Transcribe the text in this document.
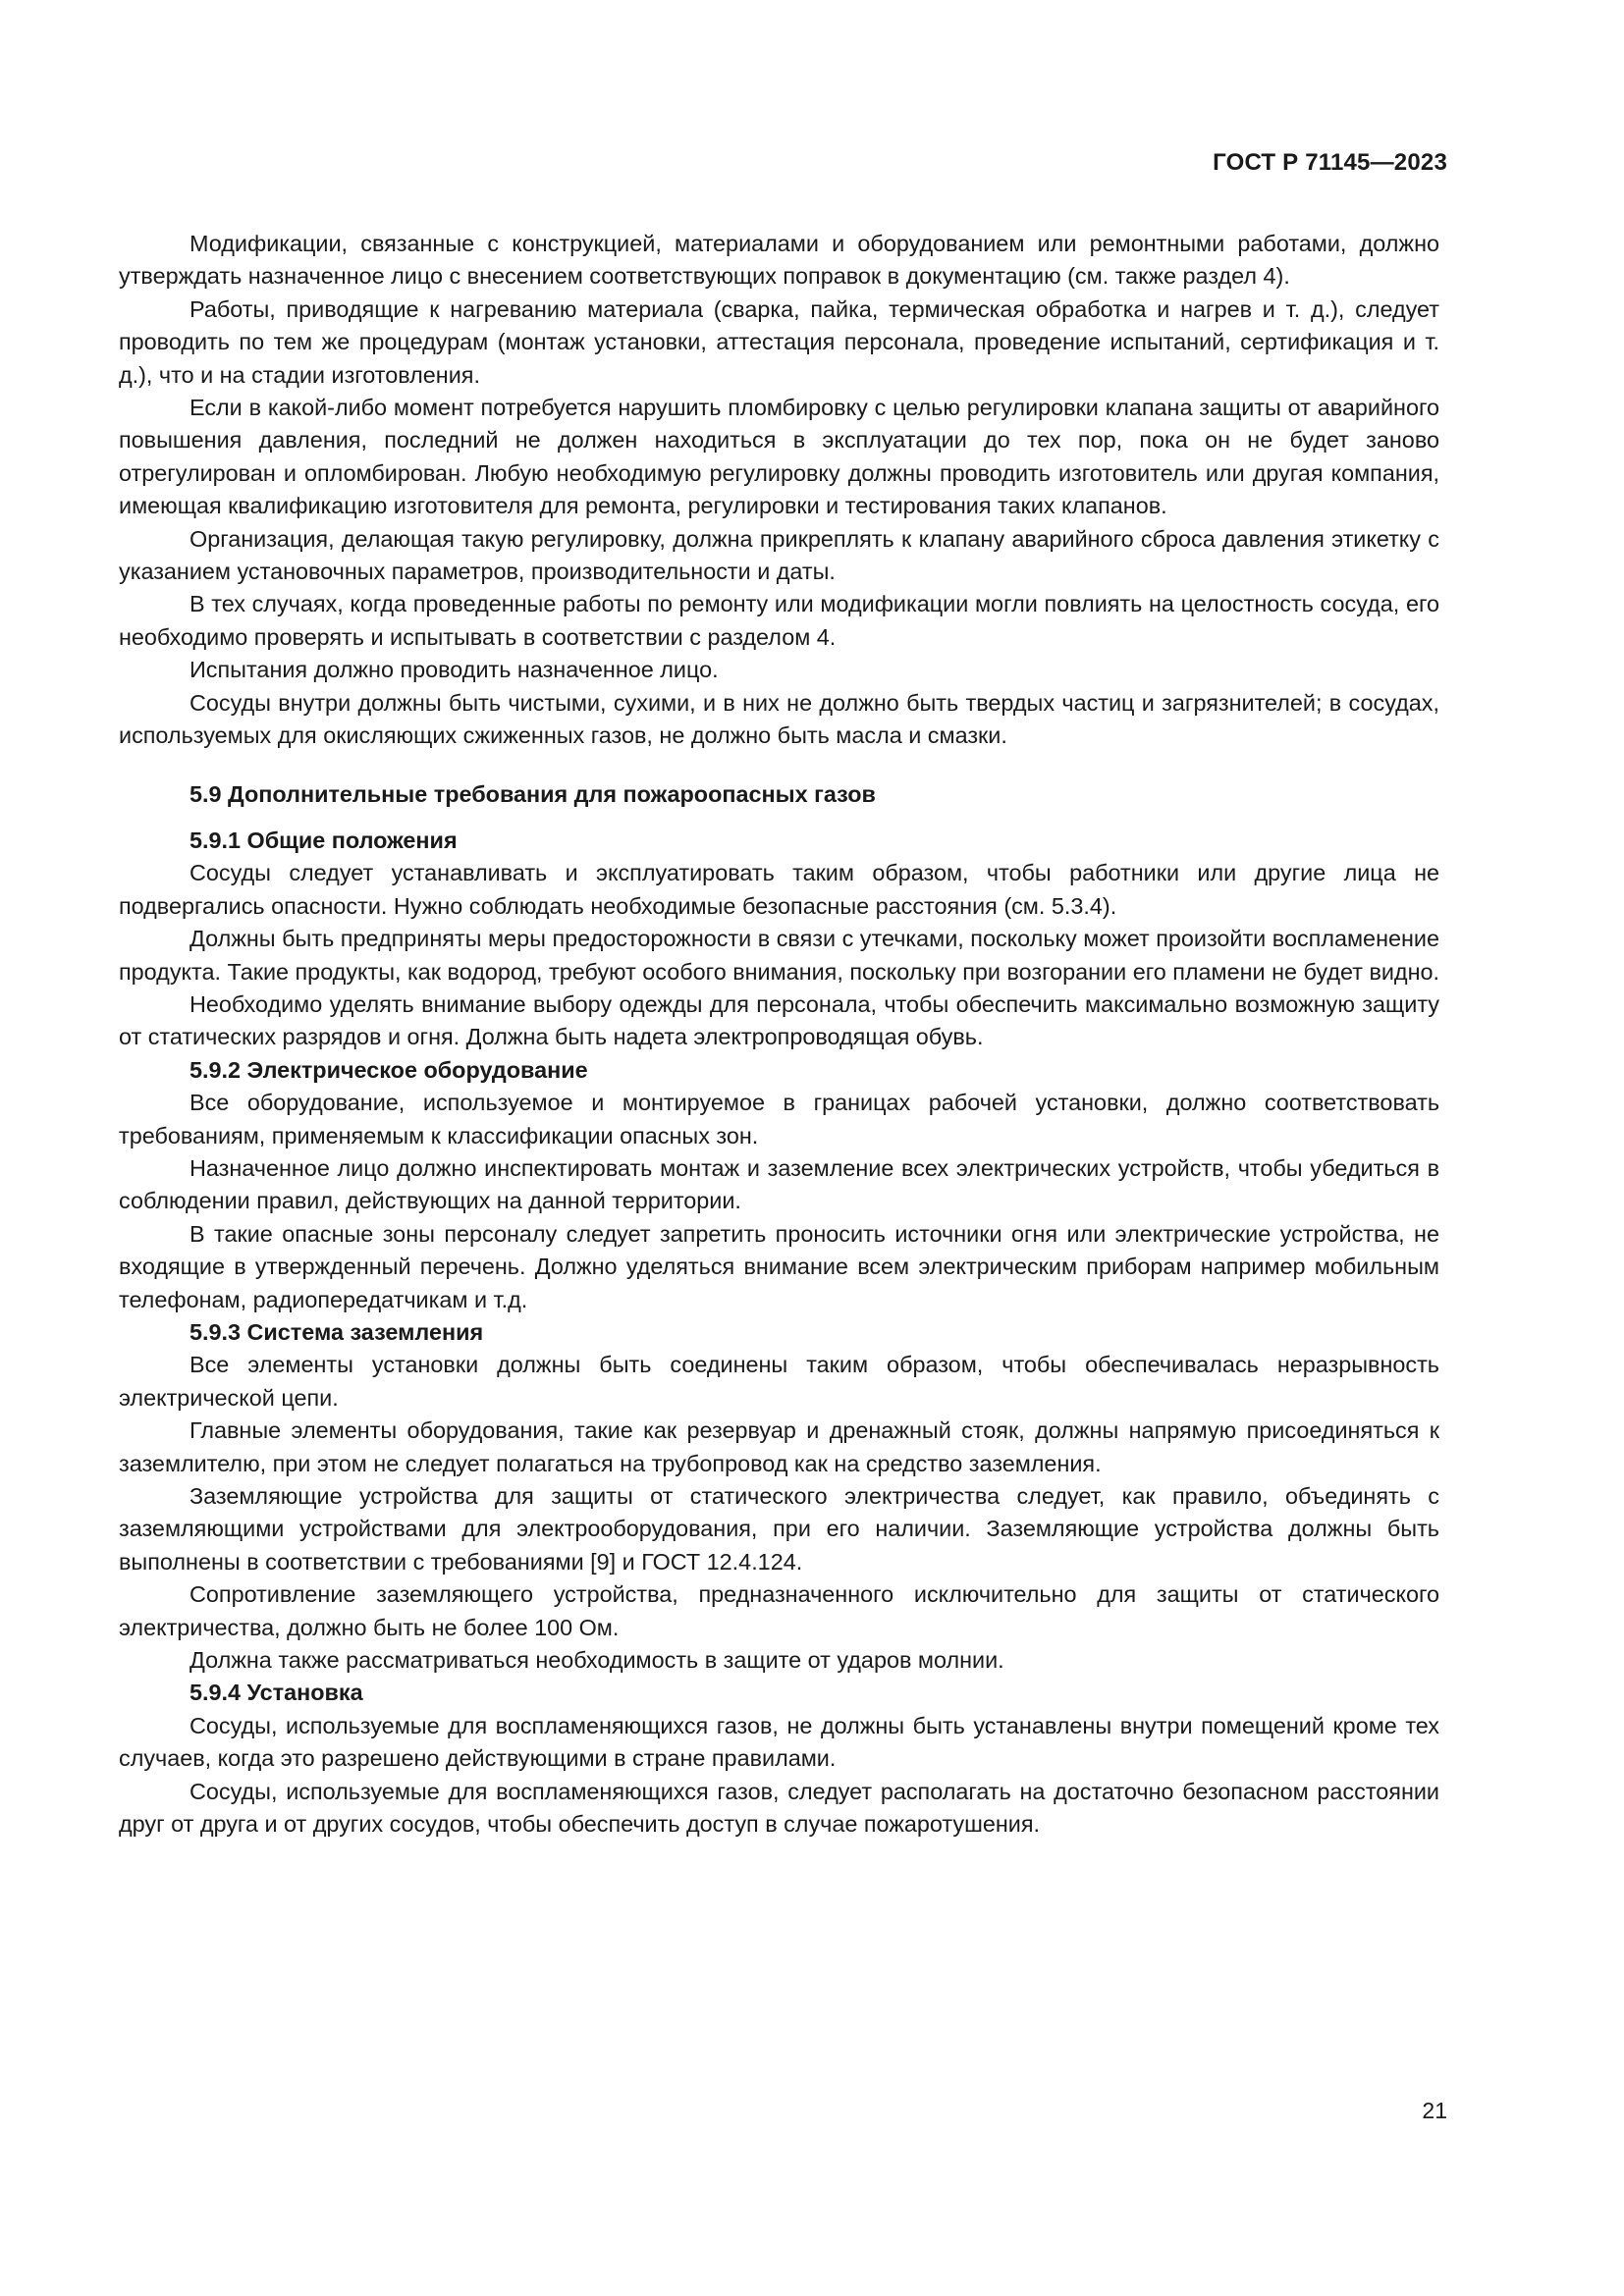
ГОСТ Р 71145—2023

Модификации, связанные с конструкцией, материалами и оборудованием или ремонтными работами, должно утверждать назначенное лицо с внесением соответствующих поправок в документацию (см. также раздел 4).

Работы, приводящие к нагреванию материала (сварка, пайка, термическая обработка и нагрев и т. д.), следует проводить по тем же процедурам (монтаж установки, аттестация персонала, проведение испытаний, сертификация и т. д.), что и на стадии изготовления.

Если в какой-либо момент потребуется нарушить пломбировку с целью регулировки клапана защиты от аварийного повышения давления, последний не должен находиться в эксплуатации до тех пор, пока он не будет заново отрегулирован и опломбирован. Любую необходимую регулировку должны проводить изготовитель или другая компания, имеющая квалификацию изготовителя для ремонта, регулировки и тестирования таких клапанов.

Организация, делающая такую регулировку, должна прикреплять к клапану аварийного сброса давления этикетку с указанием установочных параметров, производительности и даты.

В тех случаях, когда проведенные работы по ремонту или модификации могли повлиять на целостность сосуда, его необходимо проверять и испытывать в соответствии с разделом 4.

Испытания должно проводить назначенное лицо.

Сосуды внутри должны быть чистыми, сухими, и в них не должно быть твердых частиц и загрязнителей; в сосудах, используемых для окисляющих сжиженных газов, не должно быть масла и смазки.

5.9 Дополнительные требования для пожароопасных газов
5.9.1 Общие положения

Сосуды следует устанавливать и эксплуатировать таким образом, чтобы работники или другие лица не подвергались опасности. Нужно соблюдать необходимые безопасные расстояния (см. 5.3.4).

Должны быть предприняты меры предосторожности в связи с утечками, поскольку может произойти воспламенение продукта. Такие продукты, как водород, требуют особого внимания, поскольку при возгорании его пламени не будет видно.

Необходимо уделять внимание выбору одежды для персонала, чтобы обеспечить максимально возможную защиту от статических разрядов и огня. Должна быть надета электропроводящая обувь.

5.9.2 Электрическое оборудование

Все оборудование, используемое и монтируемое в границах рабочей установки, должно соответствовать требованиям, применяемым к классификации опасных зон.

Назначенное лицо должно инспектировать монтаж и заземление всех электрических устройств, чтобы убедиться в соблюдении правил, действующих на данной территории.

В такие опасные зоны персоналу следует запретить проносить источники огня или электрические устройства, не входящие в утвержденный перечень. Должно уделяться внимание всем электрическим приборам например мобильным телефонам, радиопередатчикам и т.д.

5.9.3 Система заземления

Все элементы установки должны быть соединены таким образом, чтобы обеспечивалась неразрывность электрической цепи.

Главные элементы оборудования, такие как резервуар и дренажный стояк, должны напрямую присоединяться к заземлителю, при этом не следует полагаться на трубопровод как на средство заземления.

Заземляющие устройства для защиты от статического электричества следует, как правило, объединять с заземляющими устройствами для электрооборудования, при его наличии. Заземляющие устройства должны быть выполнены в соответствии с требованиями [9] и ГОСТ 12.4.124.

Сопротивление заземляющего устройства, предназначенного исключительно для защиты от статического электричества, должно быть не более 100 Ом.

Должна также рассматриваться необходимость в защите от ударов молнии.

5.9.4 Установка

Сосуды, используемые для воспламеняющихся газов, не должны быть устанавлены внутри помещений кроме тех случаев, когда это разрешено действующими в стране правилами.

Сосуды, используемые для воспламеняющихся газов, следует располагать на достаточно безопасном расстоянии друг от друга и от других сосудов, чтобы обеспечить доступ в случае пожаротушения.

21
